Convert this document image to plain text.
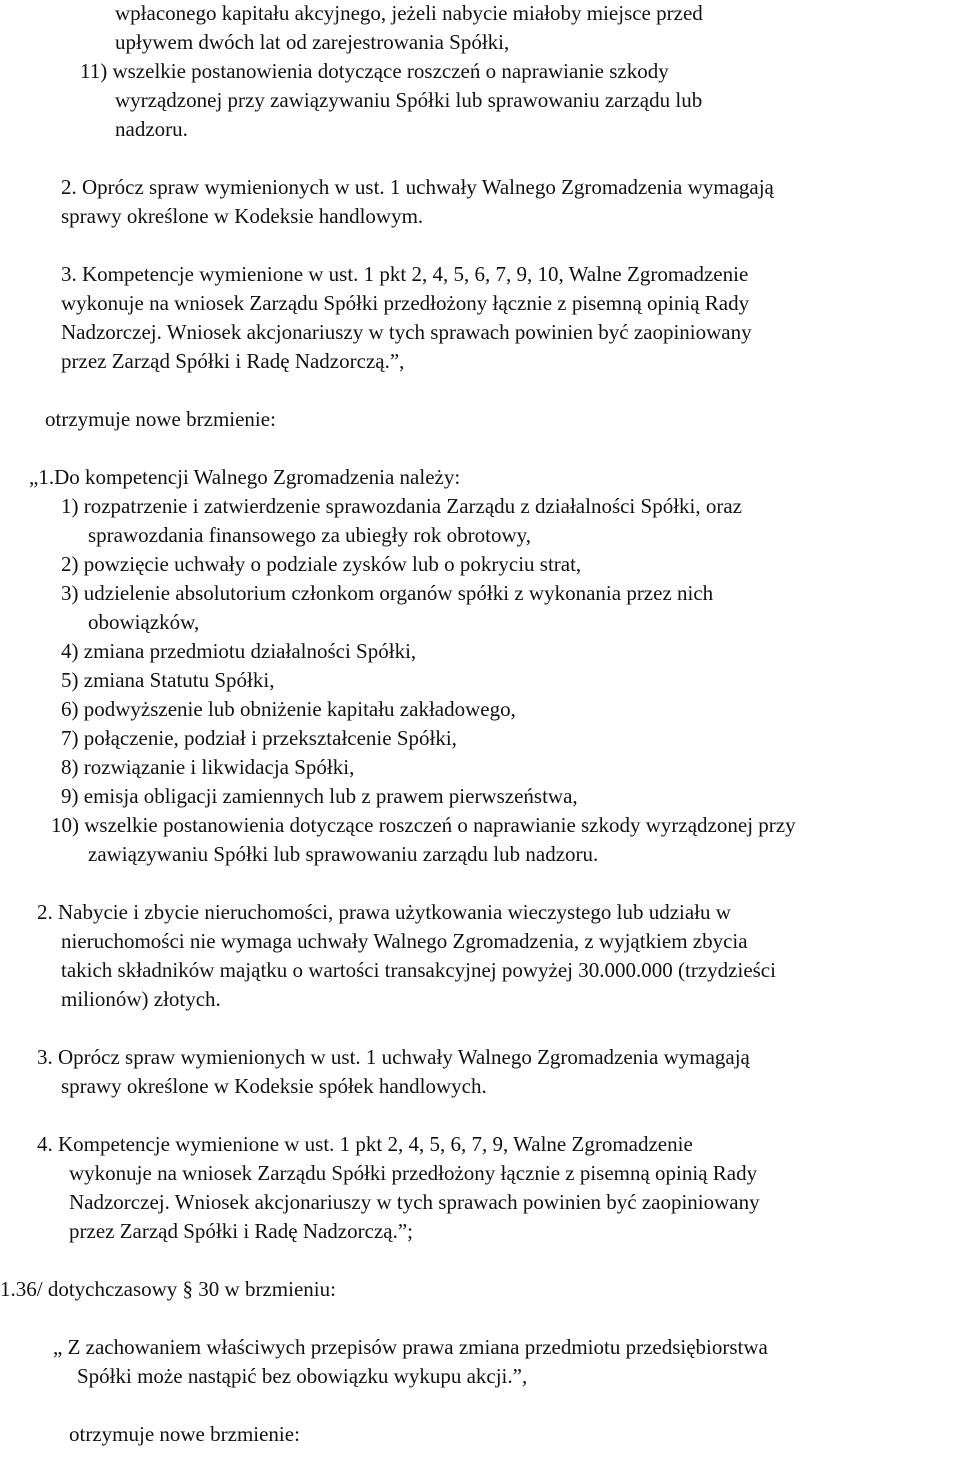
wpłaconego kapitału akcyjnego, jeżeli nabycie miałoby miejsce przed
upływem dwóch lat od zarejestrowania Spółki,
11) wszelkie postanowienia dotyczące roszczeń o naprawianie szkody
wyrządzonej przy zawiązywaniu Spółki lub sprawowaniu zarządu lub
nadzoru.
2. Oprócz spraw wymienionych w ust. 1 uchwały Walnego Zgromadzenia wymagają
sprawy określone w Kodeksie handlowym.
3. Kompetencje wymienione w ust. 1 pkt 2, 4, 5, 6, 7, 9, 10, Walne Zgromadzenie
wykonuje na wniosek Zarządu Spółki przedłożony łącznie z pisemną opinią Rady
Nadzorczej. Wniosek akcjonariuszy w tych sprawach powinien być zaopiniowany
przez Zarząd Spółki i Radę Nadzorczą.”,
otrzymuje nowe brzmienie:
„1.Do kompetencji Walnego Zgromadzenia należy:
1) rozpatrzenie i zatwierdzenie sprawozdania Zarządu z działalności Spółki, oraz
sprawozdania finansowego za ubiegły rok obrotowy,
2) powzięcie uchwały o podziale zysków lub o pokryciu strat,
3) udzielenie absolutorium członkom organów spółki z wykonania przez nich
obowiązków,
4) zmiana przedmiotu działalności Spółki,
5) zmiana Statutu Spółki,
6) podwyższenie lub obniżenie kapitału zakładowego,
7) połączenie, podział i przekształcenie Spółki,
8) rozwiązanie i likwidacja Spółki,
9) emisja obligacji zamiennych lub z prawem pierwszeństwa,
10) wszelkie postanowienia dotyczące roszczeń o naprawianie szkody wyrządzonej przy
zawiązywaniu Spółki lub sprawowaniu zarządu lub nadzoru.
2. Nabycie i zbycie nieruchomości, prawa użytkowania wieczystego lub udziału w
nieruchomości nie wymaga uchwały Walnego Zgromadzenia, z wyjątkiem zbycia
takich składników majątku o wartości transakcyjnej powyżej 30.000.000 (trzydzieści
milionów) złotych.
3. Oprócz spraw wymienionych w ust. 1 uchwały Walnego Zgromadzenia wymagają
sprawy określone w Kodeksie spółek handlowych.
4. Kompetencje wymienione w ust. 1 pkt 2, 4, 5, 6, 7, 9, Walne Zgromadzenie
wykonuje na wniosek Zarządu Spółki przedłożony łącznie z pisemną opinią Rady
Nadzorczej. Wniosek akcjonariuszy w tych sprawach powinien być zaopiniowany
przez Zarząd Spółki i Radę Nadzorczą.”;
1.36/ dotychczasowy § 30 w brzmieniu:
„ Z zachowaniem właściwych przepisów prawa zmiana przedmiotu przedsiębiorstwa
Spółki może nastąpić bez obowiązku wykupu akcji.”,
otrzymuje nowe brzmienie:
